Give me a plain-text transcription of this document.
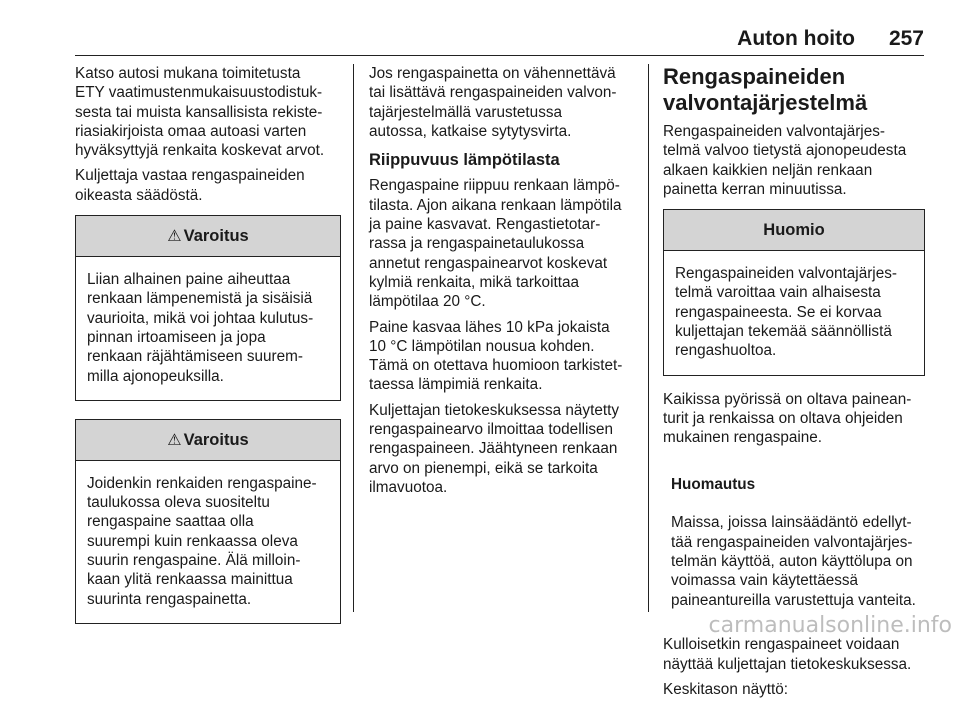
Auton hoito 257

Katso autosi mukana toimitetusta
ETY vaatimustenmukaisuustodistuk-
sesta tai muista kansallisista rekiste-
riasiakirjoista omaa autoasi varten
hyväksyttyjä renkaita koskevat arvot.

Kuljettaja vastaa rengaspaineiden
oikeasta säädöstä.

⚠ Varoitus
Liian alhainen paine aiheuttaa
renkaan lämpenemistä ja sisäisiä
vaurioita, mikä voi johtaa kulutus-
pinnan irtoamiseen ja jopa
renkaan räjähtämiseen suurem-
milla ajonopeuksilla.
⚠ Varoitus
Joidenkin renkaiden rengaspaine-
taulukossa oleva suositeltu
rengaspaine saattaa olla
suurempi kuin renkaassa oleva
suurin rengaspaine. Älä milloin-
kaan ylitä renkaassa mainittua
suurinta rengaspainetta.

Jos rengaspainetta on vähennettävä
tai lisättävä rengaspaineiden valvon-
tajärjestelmällä varustetussa
autossa, katkaise sytytysvirta.

Riippuvuus lämpötilasta

Rengaspaine riippuu renkaan lämpö-
tilasta. Ajon aikana renkaan lämpötila
ja paine kasvavat. Rengastietotar-
rassa ja rengaspainetaulukossa
annetut rengaspainearvot koskevat
kylmiä renkaita, mikä tarkoittaa
lämpötilaa 20 °C.

Paine kasvaa lähes 10 kPa jokaista
10 °C lämpötilan nousua kohden.
Tämä on otettava huomioon tarkistet-
taessa lämpimiä renkaita.

Kuljettajan tietokeskuksessa näytetty
rengaspainearvo ilmoittaa todellisen
rengaspaineen. Jäähtyneen renkaan
arvo on pienempi, eikä se tarkoita
ilmavuotoa.

Rengaspaineiden
valvontajärjestelmä

Rengaspaineiden valvontajärjes-
telmä valvoo tietystä ajonopeudesta
alkaen kaikkien neljän renkaan
painetta kerran minuutissa.

Huomio
Rengaspaineiden valvontajärjes-
telmä varoittaa vain alhaisesta
rengaspaineesta. Se ei korvaa
kuljettajan tekemää säännöllistä
rengashuoltoa.

Kaikissa pyörissä on oltava painean-
turit ja renkaissa on oltava ohjeiden
mukainen rengaspaine.

Huomautus

Maissa, joissa lainsäädäntö edellyt-
tää rengaspaineiden valvontajärjes-
telmän käyttöä, auton käyttölupa on
voimassa vain käytettäessä
paineantureilla varustettuja vanteita.

Kulloisetkin rengaspaineet voidaan
näyttää kuljettajan tietokeskuksessa.

Keskitason näyttö:

carmanualsonline.info
